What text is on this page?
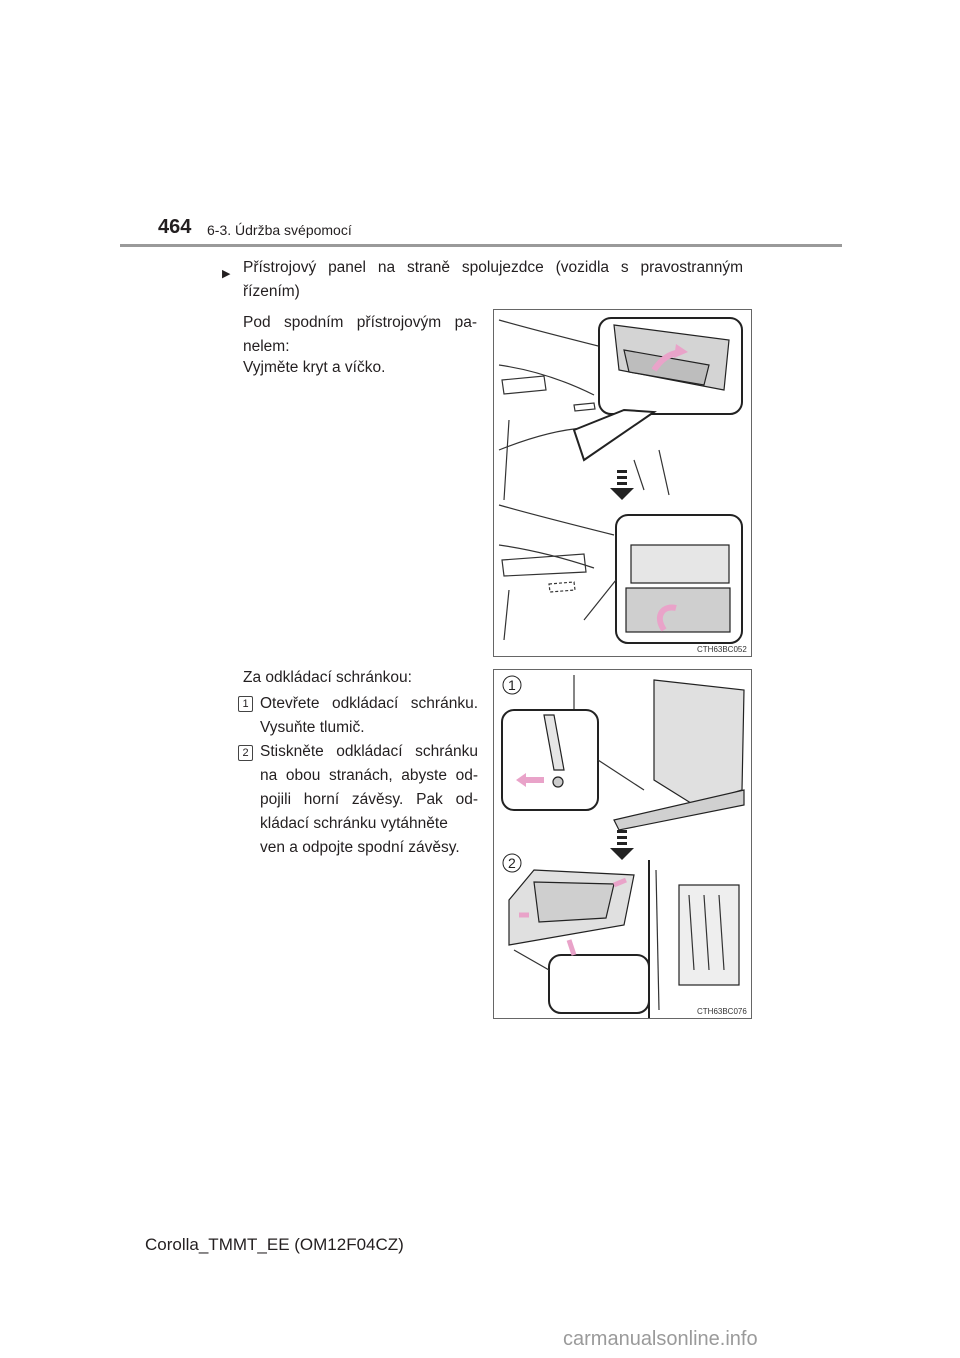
464 6-3. Údržba svépomocí
▶ Přístrojový panel na straně spolujezdce (vozidla s pravostranným řízením)
Pod spodním přístrojovým pa-nelem:
Vyjměte kryt a víčko.
Za odkládací schránkou:
1 Otevřete odkládací schránku. Vysuňte tlumič.
2 Stiskněte odkládací schránku na obou stranách, abyste od-pojili horní závěsy. Pak od-kládací schránku vytáhněte
ven a odpojte spodní závěsy.
CTH63BC052
1
2
CTH63BC076
Corolla_TMMT_EE (OM12F04CZ)
carmanualsonline.info
